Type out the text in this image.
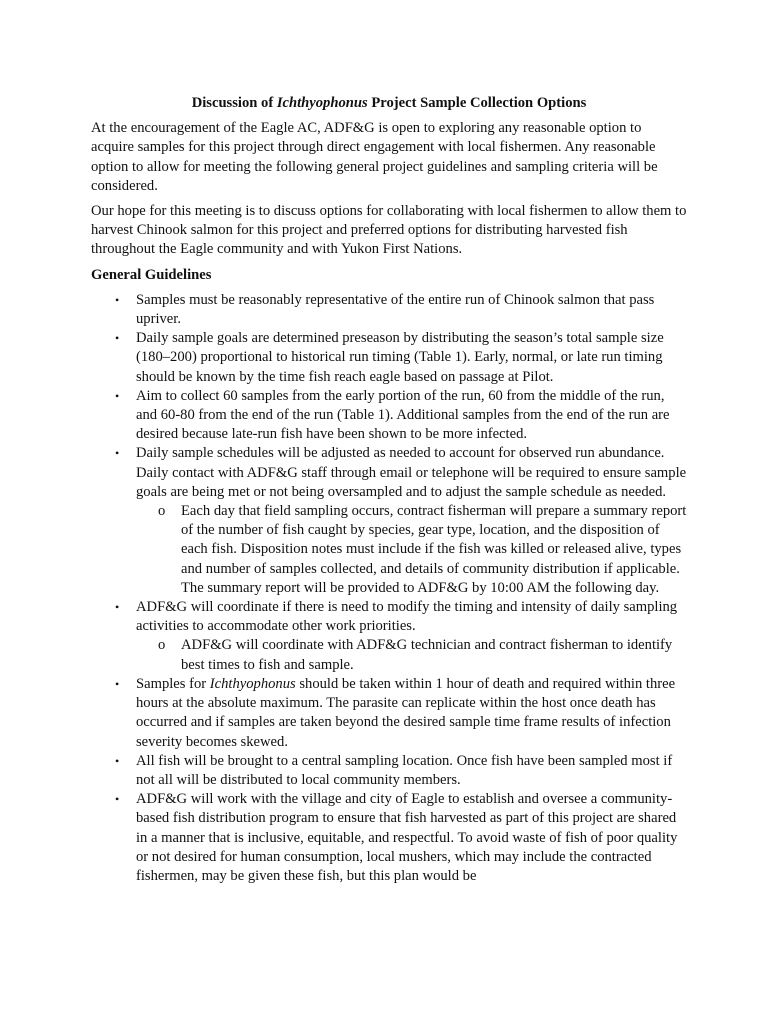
Discussion of Ichthyophonus Project Sample Collection Options

At the encouragement of the Eagle AC, ADF&G is open to exploring any reasonable option to acquire samples for this project through direct engagement with local fishermen. Any reasonable option to allow for meeting the following general project guidelines and sampling criteria will be considered.

Our hope for this meeting is to discuss options for collaborating with local fishermen to allow them to harvest Chinook salmon for this project and preferred options for distributing harvested fish throughout the Eagle community and with Yukon First Nations.

General Guidelines
• Samples must be reasonably representative of the entire run of Chinook salmon that pass upriver.
• Daily sample goals are determined preseason by distributing the season’s total sample size (180–200) proportional to historical run timing (Table 1). Early, normal, or late run timing should be known by the time fish reach eagle based on passage at Pilot.
• Aim to collect 60 samples from the early portion of the run, 60 from the middle of the run, and 60-80 from the end of the run (Table 1). Additional samples from the end of the run are desired because late-run fish have been shown to be more infected.
• Daily sample schedules will be adjusted as needed to account for observed run abundance. Daily contact with ADF&G staff through email or telephone will be required to ensure sample goals are being met or not being oversampled and to adjust the sample schedule as needed.
o Each day that field sampling occurs, contract fisherman will prepare a summary report of the number of fish caught by species, gear type, location, and the disposition of each fish. Disposition notes must include if the fish was killed or released alive, types and number of samples collected, and details of community distribution if applicable. The summary report will be provided to ADF&G by 10:00 AM the following day.
• ADF&G will coordinate if there is need to modify the timing and intensity of daily sampling activities to accommodate other work priorities.
o ADF&G will coordinate with ADF&G technician and contract fisherman to identify best times to fish and sample.
• Samples for Ichthyophonus should be taken within 1 hour of death and required within three hours at the absolute maximum. The parasite can replicate within the host once death has occurred and if samples are taken beyond the desired sample time frame results of infection severity becomes skewed.
• All fish will be brought to a central sampling location. Once fish have been sampled most if not all will be distributed to local community members.
• ADF&G will work with the village and city of Eagle to establish and oversee a community-based fish distribution program to ensure that fish harvested as part of this project are shared in a manner that is inclusive, equitable, and respectful. To avoid waste of fish of poor quality or not desired for human consumption, local mushers, which may include the contracted fishermen, may be given these fish, but this plan would be
